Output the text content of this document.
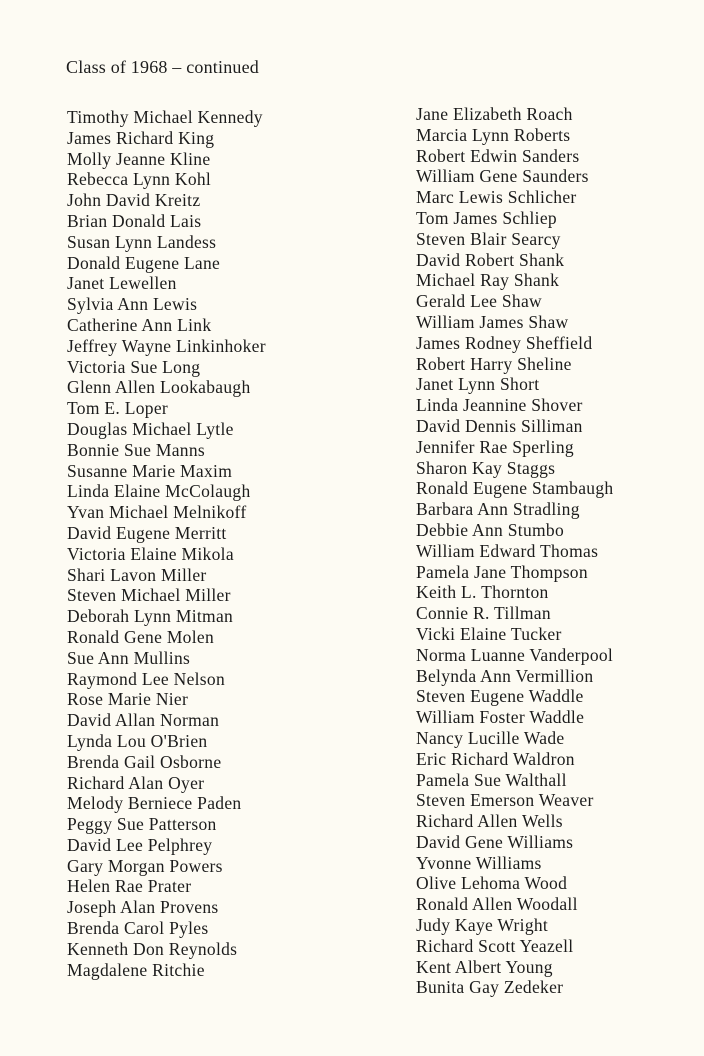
Class of 1968 – continued
Timothy Michael Kennedy
James Richard King
Molly Jeanne Kline
Rebecca Lynn Kohl
John David Kreitz
Brian Donald Lais
Susan Lynn Landess
Donald Eugene Lane
Janet Lewellen
Sylvia Ann Lewis
Catherine Ann Link
Jeffrey Wayne Linkinhoker
Victoria Sue Long
Glenn Allen Lookabaugh
Tom E. Loper
Douglas Michael Lytle
Bonnie Sue Manns
Susanne Marie Maxim
Linda Elaine McColaugh
Yvan Michael Melnikoff
David Eugene Merritt
Victoria Elaine Mikola
Shari Lavon Miller
Steven Michael Miller
Deborah Lynn Mitman
Ronald Gene Molen
Sue Ann Mullins
Raymond Lee Nelson
Rose Marie Nier
David Allan Norman
Lynda Lou O'Brien
Brenda Gail Osborne
Richard Alan Oyer
Melody Berniece Paden
Peggy Sue Patterson
David Lee Pelphrey
Gary Morgan Powers
Helen Rae Prater
Joseph Alan Provens
Brenda Carol Pyles
Kenneth Don Reynolds
Magdalene Ritchie
Jane Elizabeth Roach
Marcia Lynn Roberts
Robert Edwin Sanders
William Gene Saunders
Marc Lewis Schlicher
Tom James Schliep
Steven Blair Searcy
David Robert Shank
Michael Ray Shank
Gerald Lee Shaw
William James Shaw
James Rodney Sheffield
Robert Harry Sheline
Janet Lynn Short
Linda Jeannine Shover
David Dennis Silliman
Jennifer Rae Sperling
Sharon Kay Staggs
Ronald Eugene Stambaugh
Barbara Ann Stradling
Debbie Ann Stumbo
William Edward Thomas
Pamela Jane Thompson
Keith L. Thornton
Connie R. Tillman
Vicki Elaine Tucker
Norma Luanne Vanderpool
Belynda Ann Vermillion
Steven Eugene Waddle
William Foster Waddle
Nancy Lucille Wade
Eric Richard Waldron
Pamela Sue Walthall
Steven Emerson Weaver
Richard Allen Wells
David Gene Williams
Yvonne Williams
Olive Lehoma Wood
Ronald Allen Woodall
Judy Kaye Wright
Richard Scott Yeazell
Kent Albert Young
Bunita Gay Zedeker
